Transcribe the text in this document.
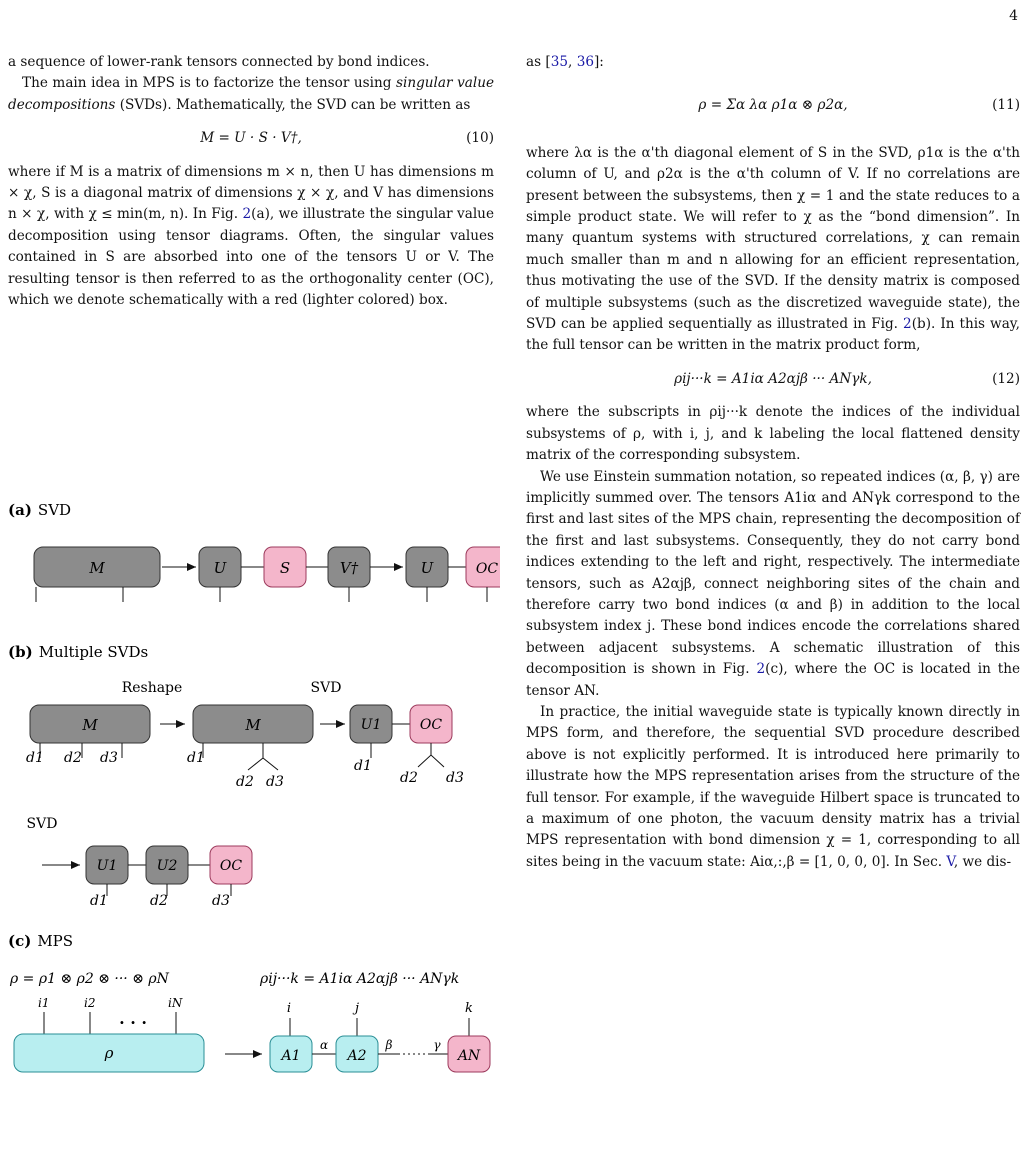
4

a sequence of lower-rank tensors connected by bond indices.

The main idea in MPS is to factorize the tensor using singular value decompositions (SVDs). Mathematically, the SVD can be written as

M = U · S · V†,	(10)

where if M is a matrix of dimensions m × n, then U has dimensions m × χ, S is a diagonal matrix of dimensions χ × χ, and V has dimensions n × χ, with χ ≤ min(m, n). In Fig. 2(a), we illustrate the singular value decomposition using tensor diagrams. Often, the singular values contained in S are absorbed into one of the tensors U or V. The resulting tensor is then referred to as the orthogonality center (OC), which we denote schematically with a red (lighter colored) box.

(a) SVD
M	U	S	V†	U	OC
(b) Multiple SVDs
Reshape	SVD
M
d1 d2 d3
M
d1
d2 d3
U1
d1
OC
d2 d3
SVD
U1
d1
U2
d2
OC
d3
(c) MPS
ρ = ρ1 ⊗ ρ2 ⊗ ··· ⊗ ρN	ρij···k = A1iα A2αjβ ··· ANγk
i1	i2	iN
· · ·
ρ
i
A1
α
j
A2
β	γ
k
AN

as [35, 36]:

ρ = Σα λα ρ1α ⊗ ρ2α,	(11)

where λα is the α'th diagonal element of S in the SVD, ρ1α is the α'th column of U, and ρ2α is the α'th column of V. If no correlations are present between the subsystems, then χ = 1 and the state reduces to a simple product state. We will refer to χ as the “bond dimension”. In many quantum systems with structured correlations, χ can remain much smaller than m and n allowing for an efficient representation, thus motivating the use of the SVD. If the density matrix is composed of multiple subsystems (such as the discretized waveguide state), the SVD can be applied sequentially as illustrated in Fig. 2(b). In this way, the full tensor can be written in the matrix product form,

ρij···k = A1iα A2αjβ ··· ANγk,	(12)

where the subscripts in ρij···k denote the indices of the individual subsystems of ρ, with i, j, and k labeling the local flattened density matrix of the corresponding subsystem.

We use Einstein summation notation, so repeated indices (α, β, γ) are implicitly summed over. The tensors A1iα and ANγk correspond to the first and last sites of the MPS chain, representing the decomposition of the first and last subsystems. Consequently, they do not carry bond indices extending to the left and right, respectively. The intermediate tensors, such as A2αjβ, connect neighboring sites of the chain and therefore carry two bond indices (α and β) in addition to the local subsystem index j. These bond indices encode the correlations shared between adjacent subsystems. A schematic illustration of this decomposition is shown in Fig. 2(c), where the OC is located in the tensor AN.

In practice, the initial waveguide state is typically known directly in MPS form, and therefore, the sequential SVD procedure described above is not explicitly performed. It is introduced here primarily to illustrate how the MPS representation arises from the structure of the full tensor. For example, if the waveguide Hilbert space is truncated to a maximum of one photon, the vacuum density matrix has a trivial MPS representation with bond dimension χ = 1, corresponding to all sites being in the vacuum state: Aiα,:,β = [1, 0, 0, 0]. In Sec. V, we dis-
